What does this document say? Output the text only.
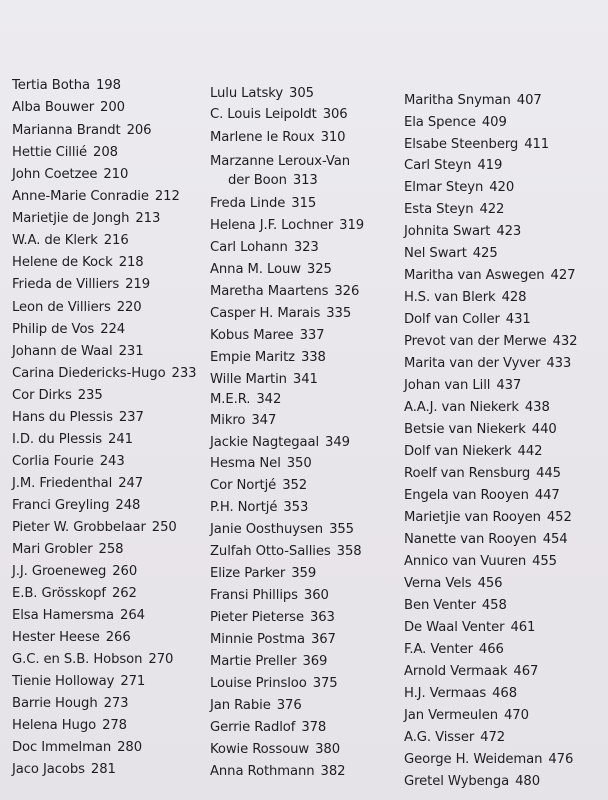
Tertia Botha 198
Alba Bouwer 200
Marianna Brandt 206
Hettie Cillié 208
John Coetzee 210
Anne-Marie Conradie 212
Marietjie de Jongh 213
W.A. de Klerk 216
Helene de Kock 218
Frieda de Villiers 219
Leon de Villiers 220
Philip de Vos 224
Johann de Waal 231
Carina Diedericks-Hugo 233
Cor Dirks 235
Hans du Plessis 237
I.D. du Plessis 241
Corlia Fourie 243
J.M. Friedenthal 247
Franci Greyling 248
Pieter W. Grobbelaar 250
Mari Grobler 258
J.J. Groeneweg 260
E.B. Grösskopf 262
Elsa Hamersma 264
Hester Heese 266
G.C. en S.B. Hobson 270
Tienie Holloway 271
Barrie Hough 273
Helena Hugo 278
Doc Immelman 280
Jaco Jacobs 281
Lulu Latsky 305
C. Louis Leipoldt 306
Marlene le Roux 310
Marzanne Leroux-Van
der Boon 313
Freda Linde 315
Helena J.F. Lochner 319
Carl Lohann 323
Anna M. Louw 325
Maretha Maartens 326
Casper H. Marais 335
Kobus Maree 337
Empie Maritz 338
Wille Martin 341
M.E.R. 342
Mikro 347
Jackie Nagtegaal 349
Hesma Nel 350
Cor Nortjé 352
P.H. Nortjé 353
Janie Oosthuysen 355
Zulfah Otto-Sallies 358
Elize Parker 359
Fransi Phillips 360
Pieter Pieterse 363
Minnie Postma 367
Martie Preller 369
Louise Prinsloo 375
Jan Rabie 376
Gerrie Radlof 378
Kowie Rossouw 380
Anna Rothmann 382
Maritha Snyman 407
Ela Spence 409
Elsabe Steenberg 411
Carl Steyn 419
Elmar Steyn 420
Esta Steyn 422
Johnita Swart 423
Nel Swart 425
Maritha van Aswegen 427
H.S. van Blerk 428
Dolf van Coller 431
Prevot van der Merwe 432
Marita van der Vyver 433
Johan van Lill 437
A.A.J. van Niekerk 438
Betsie van Niekerk 440
Dolf van Niekerk 442
Roelf van Rensburg 445
Engela van Rooyen 447
Marietjie van Rooyen 452
Nanette van Rooyen 454
Annico van Vuuren 455
Verna Vels 456
Ben Venter 458
De Waal Venter 461
F.A. Venter 466
Arnold Vermaak 467
H.J. Vermaas 468
Jan Vermeulen 470
A.G. Visser 472
George H. Weideman 476
Gretel Wybenga 480
